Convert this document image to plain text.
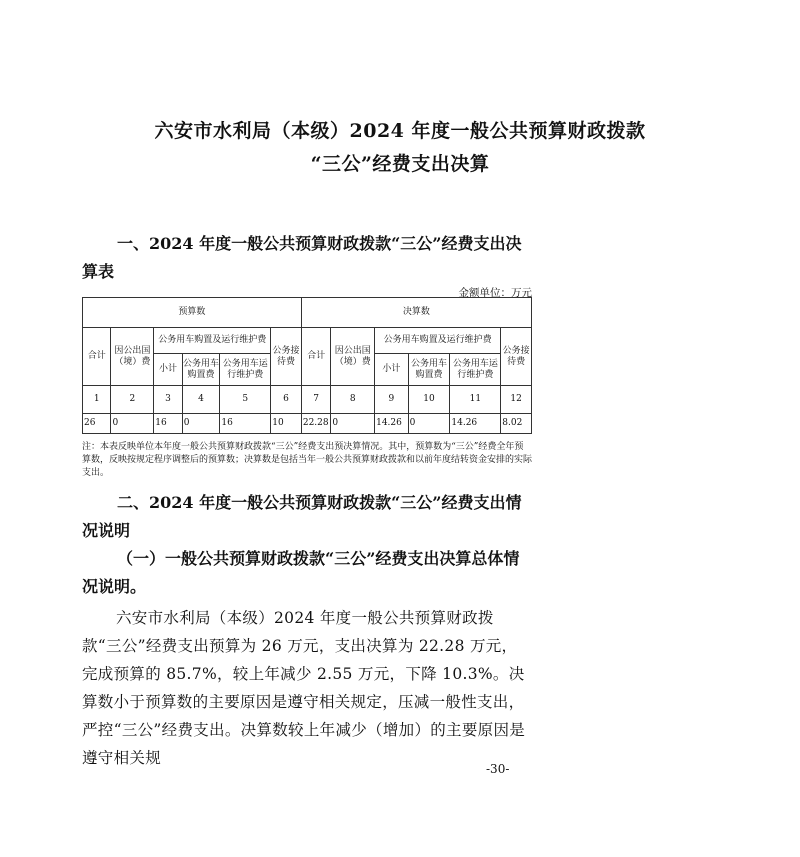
六安市水利局（本级）2024 年度一般公共预算财政拨款
“三公”经费支出决算
一、2024 年度一般公共预算财政拨款“三公”经费支出决算表
金额单位：万元
预算数						决算数					
合计	因公出国（境）费	公务用车购置及运行维护费			公务接待费	合计	因公出国（境）费	公务用车购置及运行维护费			公务接待费
		小计	公务用车购置费	公务用车运行维护费				小计	公务用车购置费	公务用车运行维护费	
1	2	3	4	5	6	7	8	9	10	11	12
26	0	16	0	16	10	22.28	0	14.26	0	14.26	8.02
注：本表反映单位本年度一般公共预算财政拨款“三公”经费支出预决算情况。其中，预算数为“三公”经费全年预算数，反映按规定程序调整后的预算数；决算数是包括当年一般公共预算财政拨款和以前年度结转资金安排的实际支出。
二、2024 年度一般公共预算财政拨款“三公”经费支出情况说明
（一）一般公共预算财政拨款“三公”经费支出决算总体情况说明。
六安市水利局（本级）2024 年度一般公共预算财政拨款“三公”经费支出预算为 26 万元，支出决算为 22.28 万元，完成预算的 85.7%，较上年减少 2.55 万元，下降 10.3%。决算数小于预算数的主要原因是遵守相关规定，压减一般性支出，严控“三公”经费支出。决算数较上年减少（增加）的主要原因是遵守相关规
-30-
